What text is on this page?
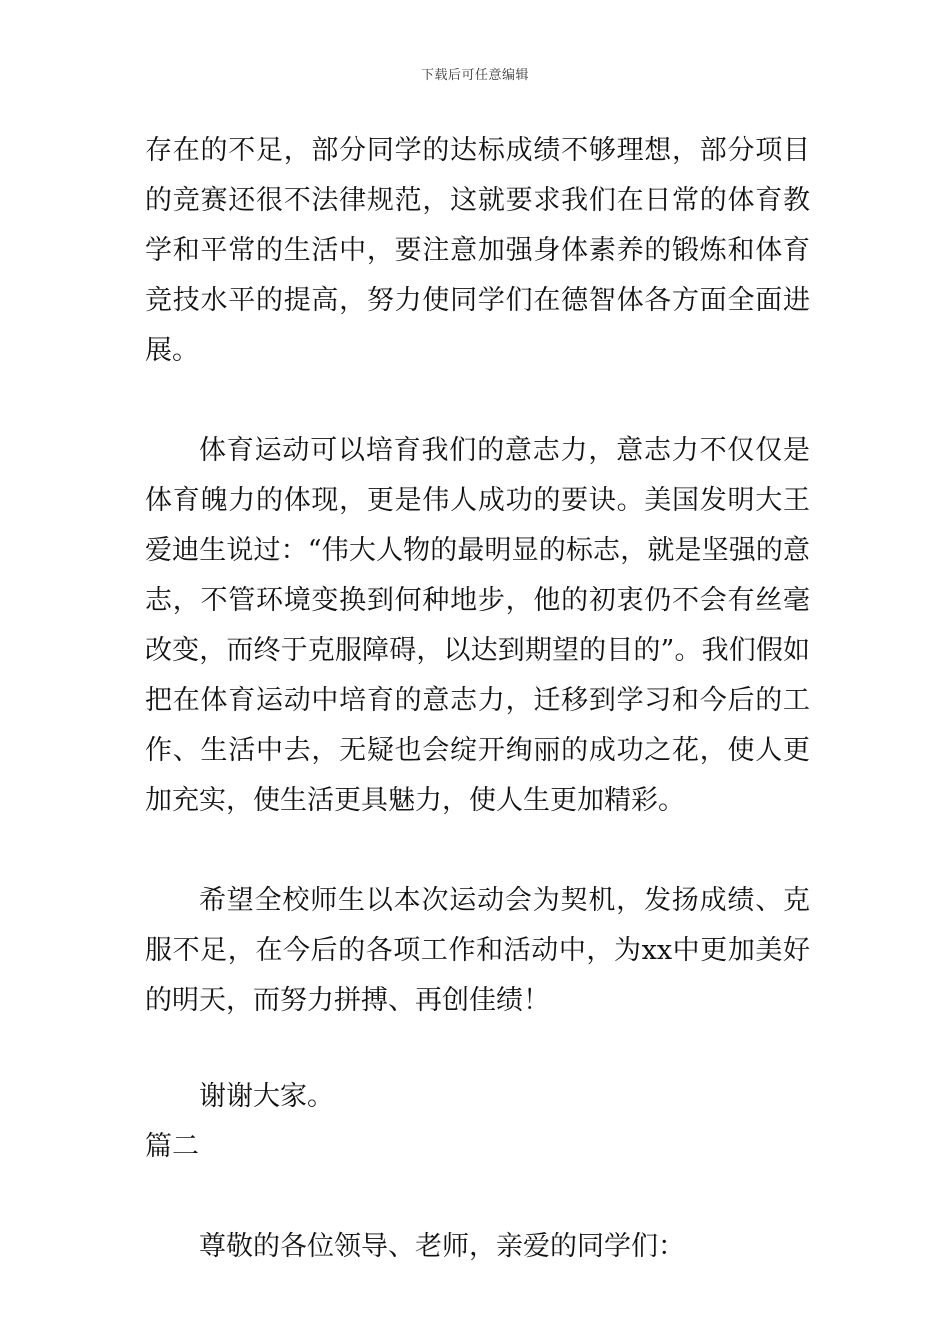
下载后可任意编辑

存在的不足，部分同学的达标成绩不够理想，部分项目的竞赛还很不法律规范，这就要求我们在日常的体育教学和平常的生活中，要注意加强身体素养的锻炼和体育竞技水平的提高，努力使同学们在德智体各方面全面进展。

体育运动可以培育我们的意志力，意志力不仅仅是体育魄力的体现，更是伟人成功的要诀。美国发明大王爱迪生说过：“伟大人物的最明显的标志，就是坚强的意志，不管环境变换到何种地步，他的初衷仍不会有丝毫改变，而终于克服障碍，以达到期望的目的”。我们假如把在体育运动中培育的意志力，迁移到学习和今后的工作、生活中去，无疑也会绽开绚丽的成功之花，使人更加充实，使生活更具魅力，使人生更加精彩。

希望全校师生以本次运动会为契机，发扬成绩、克服不足，在今后的各项工作和活动中，为xx中更加美好的明天，而努力拼搏、再创佳绩！

谢谢大家。

篇二

尊敬的各位领导、老师，亲爱的同学们：
